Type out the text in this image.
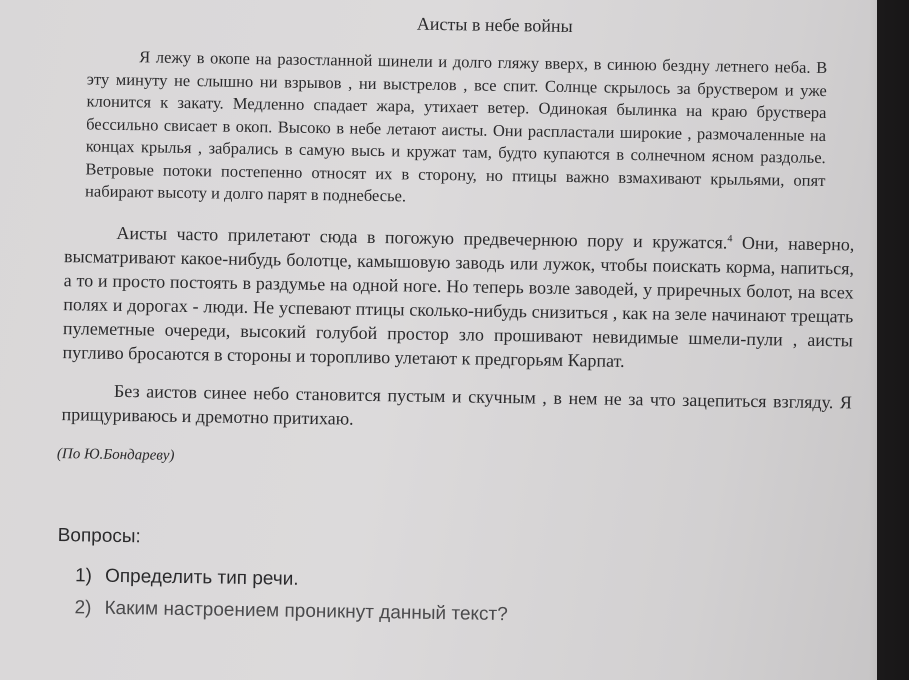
Аисты в небе войны

Я лежу в окопе на разостланной шинели и долго гляжу вверх, в синюю бездну летнего неба. В эту минуту не слышно ни взрывов , ни выстрелов , все спит. Солнце скрылось за бруствером и уже клонится к закату. Медленно спадает жара, утихает ветер. Одинокая былинка на краю бруствера бессильно свисает в окоп. Высоко в небе летают аисты. Они распластали широкие , размочаленные на концах крылья , забрались в самую высь и кружат там, будто купаются в солнечном ясном раздолье. Ветровые потоки постепенно относят их в сторону, но птицы важно взмахивают крыльями, опят набирают высоту и долго парят в поднебесье.

Аисты часто прилетают сюда в погожую предвечернюю пору и кружатся.$^4$ Они, наверно, высматривают какое-нибудь болотце, камышовую заводь или лужок, чтобы поискать корма, напиться, а то и просто постоять в раздумье на одной ноге. Но теперь возле заводей, у приречных болот, на всех полях и дорогах - люди. Не успевают птицы сколько-нибудь снизиться , как на зеле начинают трещать пулеметные очереди, высокий голубой простор зло прошивают невидимые шмели-пули , аисты пугливо бросаются в стороны и торопливо улетают к предгорьям Карпат.

Без аистов синее небо становится пустым и скучным , в нем не за что зацепиться взгляду. Я прищуриваюсь и дремотно притихаю.

(По Ю.Бондареву)
Вопросы:
1) Определить тип речи.
2) Каким настроением проникнут данный текст?
